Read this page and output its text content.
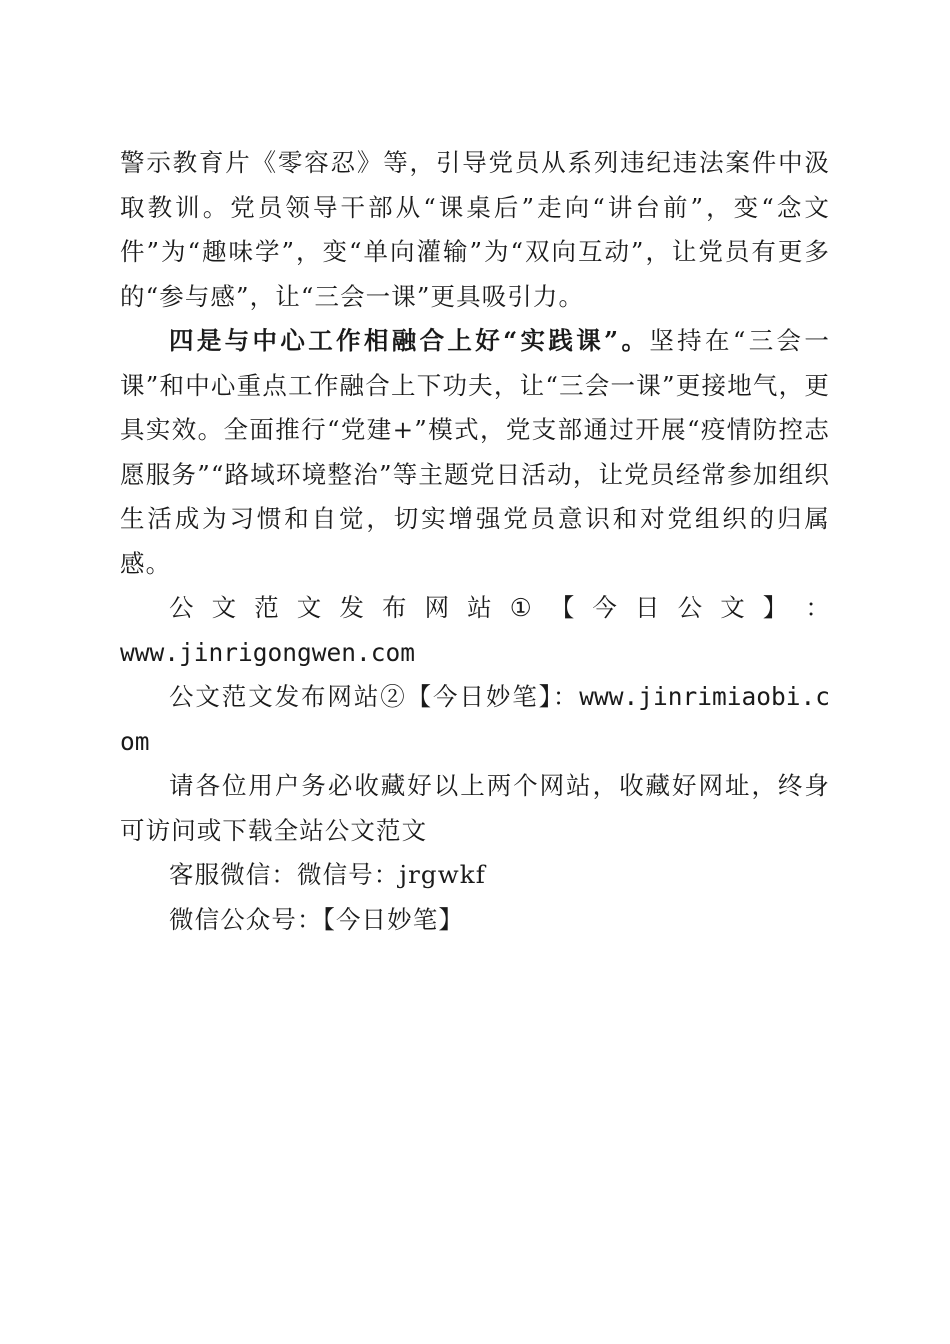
警示教育片《零容忍》等，引导党员从系列违纪违法案件中汲取教训。党员领导干部从“课桌后”走向“讲台前”，变“念文件”为“趣味学”，变“单向灌输”为“双向互动”，让党员有更多的“参与感”，让“三会一课”更具吸引力。

四是与中心工作相融合上好“实践课”。坚持在“三会一课”和中心重点工作融合上下功夫，让“三会一课”更接地气，更具实效。全面推行“党建+”模式，党支部通过开展“疫情防控志愿服务”“路域环境整治”等主题党日活动，让党员经常参加组织生活成为习惯和自觉，切实增强党员意识和对党组织的归属感。

公 文 范 文 发 布 网 站 ① 【 今 日 公 文 】 ：

www.jinrigongwen.com

公文范文发布网站②【今日妙笔】：www.jinrimiaobi.com

请各位用户务必收藏好以上两个网站，收藏好网址，终身可访问或下载全站公文范文

客服微信：微信号：jrgwkf

微信公众号：【今日妙笔】
